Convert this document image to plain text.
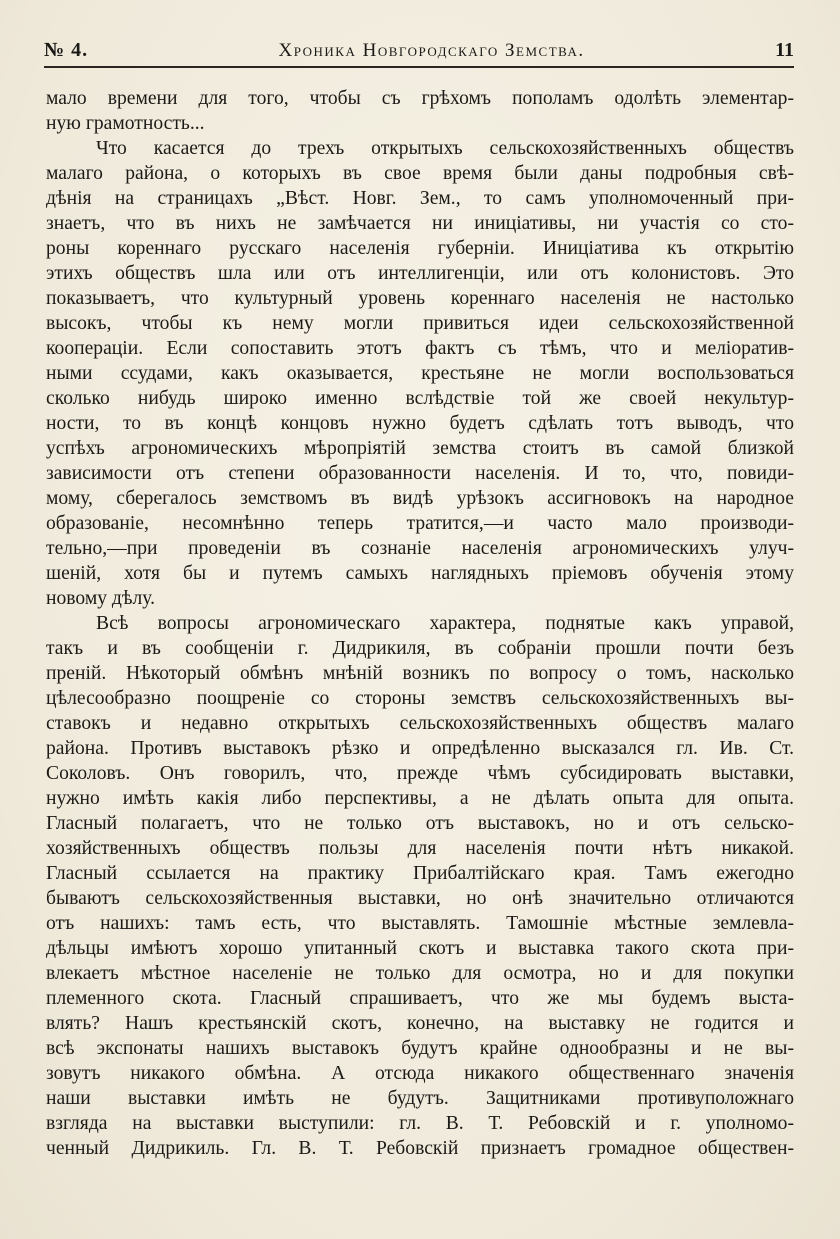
№ 4.	Хроника Новгородскаго Земства.	11
мало времени для того, чтобы съ грѣхомъ пополамъ одолѣть элементар-
ную грамотность...
Что касается до трехъ открытыхъ сельскохозяйственныхъ обществъ
малаго района, о которыхъ въ свое время были даны подробныя свѣ-
дѣнія на страницахъ „Вѣст. Новг. Зем., то самъ уполномоченный при-
знаетъ, что въ нихъ не замѣчается ни иниціативы, ни участія со сто-
роны кореннаго русскаго населенія губерніи. Иниціатива къ открытію
этихъ обществъ шла или отъ интеллигенціи, или отъ колонистовъ. Это
показываетъ, что культурный уровень кореннаго населенія не настолько
высокъ, чтобы къ нему могли привиться идеи сельскохозяйственной
коопераціи. Если сопоставить этотъ фактъ съ тѣмъ, что и меліоратив-
ными ссудами, какъ оказывается, крестьяне не могли воспользоваться
сколько нибудь широко именно вслѣдствіе той же своей некультур-
ности, то въ концѣ концовъ нужно будетъ сдѣлать тотъ выводъ, что
успѣхъ агрономическихъ мѣропріятій земства стоитъ въ самой близкой
зависимости отъ степени образованности населенія. И то, что, повиди-
мому, сберегалось земствомъ въ видѣ урѣзокъ ассигновокъ на народное
образованіе, несомнѣнно теперь тратится,—и часто мало производи-
тельно,—при проведеніи въ сознаніе населенія агрономическихъ улуч-
шеній, хотя бы и путемъ самыхъ наглядныхъ пріемовъ обученія этому
новому дѣлу.
Всѣ вопросы агрономическаго характера, поднятые какъ управой,
такъ и въ сообщеніи г. Дидрикиля, въ собраніи прошли почти безъ
преній. Нѣкоторый обмѣнъ мнѣній возникъ по вопросу о томъ, насколько
цѣлесообразно поощреніе со стороны земствъ сельскохозяйственныхъ вы-
ставокъ и недавно открытыхъ сельскохозяйственныхъ обществъ малаго
района. Противъ выставокъ рѣзко и опредѣленно высказался гл. Ив. Ст.
Соколовъ. Онъ говорилъ, что, прежде чѣмъ субсидировать выставки,
нужно имѣть какія либо перспективы, а не дѣлать опыта для опыта.
Гласный полагаетъ, что не только отъ выставокъ, но и отъ сельско-
хозяйственныхъ обществъ пользы для населенія почти нѣтъ никакой.
Гласный ссылается на практику Прибалтійскаго края. Тамъ ежегодно
бываютъ сельскохозяйственныя выставки, но онѣ значительно отличаются
отъ нашихъ: тамъ есть, что выставлять. Тамошніе мѣстные землевла-
дѣльцы имѣютъ хорошо упитанный скотъ и выставка такого скота при-
влекаетъ мѣстное населеніе не только для осмотра, но и для покупки
племенного скота. Гласный спрашиваетъ, что же мы будемъ выста-
влять? Нашъ крестьянскій скотъ, конечно, на выставку не годится и
всѣ экспонаты нашихъ выставокъ будутъ крайне однообразны и не вы-
зовутъ никакого обмѣна. А отсюда никакого общественнаго значенія
наши выставки имѣть не будутъ. Защитниками противуположнаго
взгляда на выставки выступили: гл. В. Т. Ребовскій и г. уполномо-
ченный Дидрикиль. Гл. В. Т. Ребовскій признаетъ громадное обществен-
